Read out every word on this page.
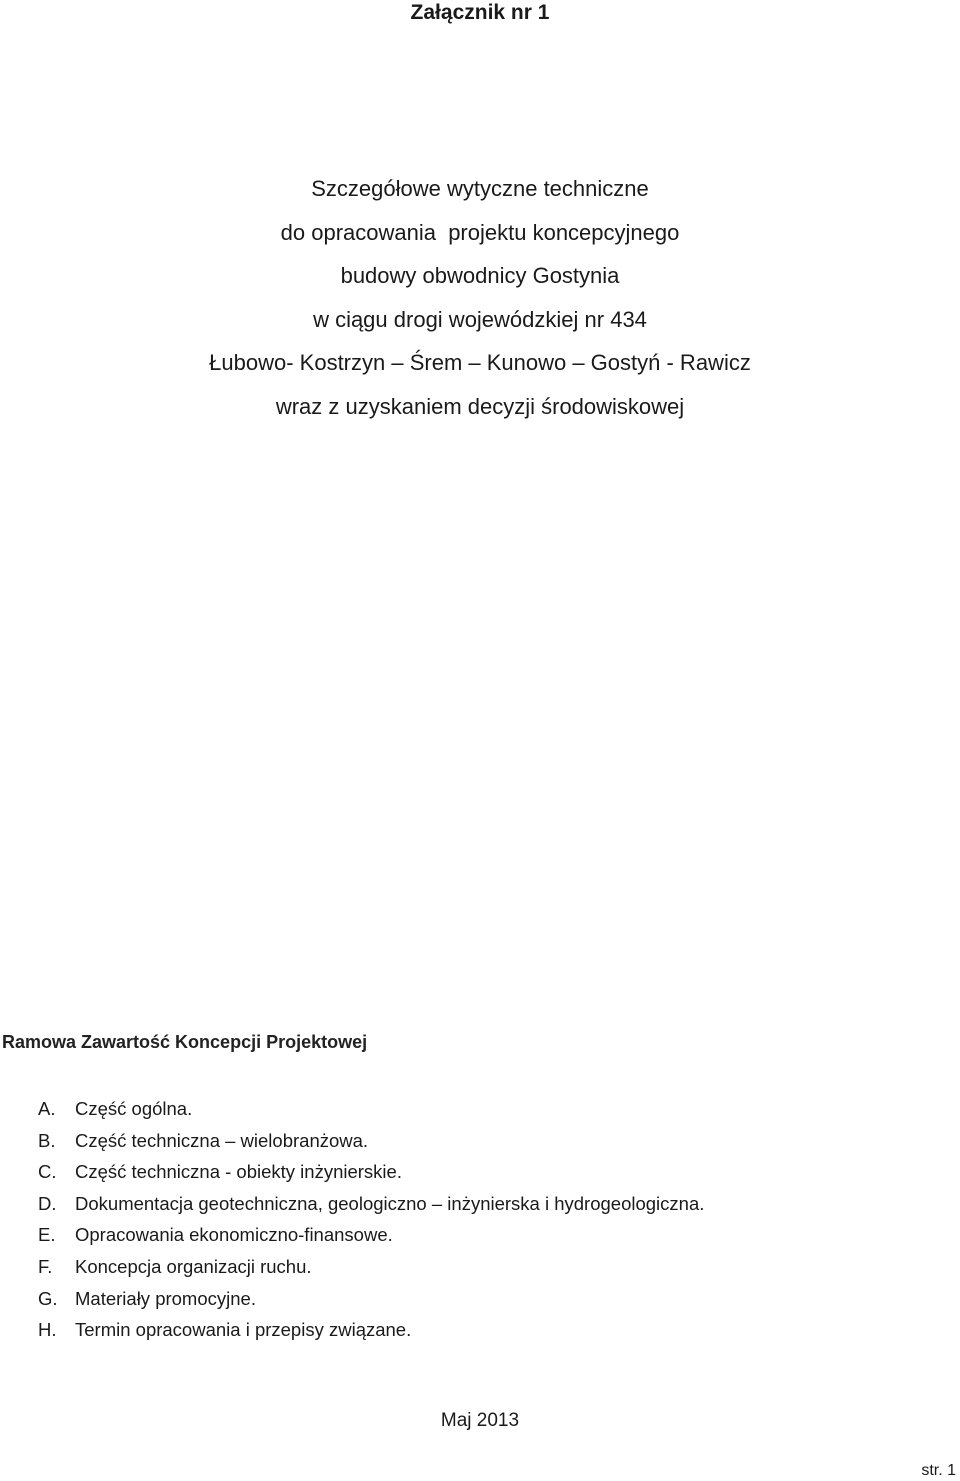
Załącznik nr 1
Szczegółowe wytyczne techniczne
do opracowania  projektu koncepcyjnego
budowy obwodnicy Gostynia
w ciągu drogi wojewódzkiej nr 434
Łubowo- Kostrzyn – Śrem – Kunowo – Gostyń - Rawicz
wraz z uzyskaniem decyzji środowiskowej
Ramowa Zawartość Koncepcji Projektowej
A.	Część ogólna.
B.	Część techniczna – wielobranżowa.
C.	Część techniczna - obiekty inżynierskie.
D.	Dokumentacja geotechniczna, geologiczno – inżynierska i hydrogeologiczna.
E.	Opracowania ekonomiczno-finansowe.
F.	Koncepcja organizacji ruchu.
G. Materiały promocyjne.
H.	Termin opracowania i przepisy związane.
Maj 2013
str. 1
